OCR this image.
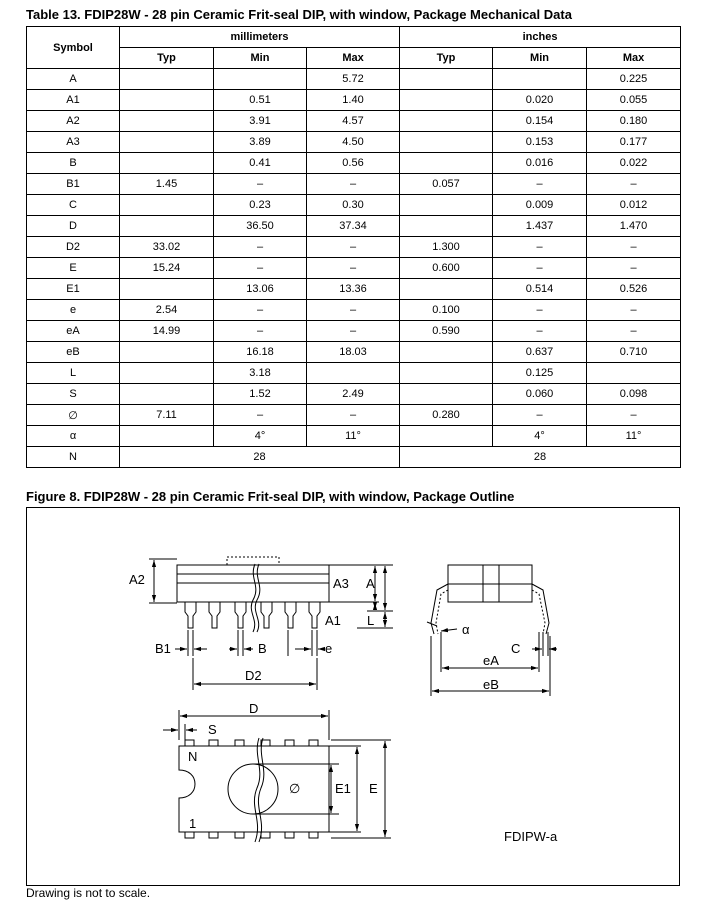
Table 13. FDIP28W - 28 pin Ceramic Frit-seal DIP, with window, Package Mechanical Data
Symbol	millimeters			inches		
	Typ	Min	Max	Typ	Min	Max
A			5.72			0.225
A1		0.51	1.40		0.020	0.055
A2		3.91	4.57		0.154	0.180
A3		3.89	4.50		0.153	0.177
B		0.41	0.56		0.016	0.022
B1	1.45	–	–	0.057	–	–
C		0.23	0.30		0.009	0.012
D		36.50	37.34		1.437	1.470
D2	33.02	–	–	1.300	–	–
E	15.24	–	–	0.600	–	–
E1		13.06	13.36		0.514	0.526
e	2.54	–	–	0.100	–	–
eA	14.99	–	–	0.590	–	–
eB		16.18	18.03		0.637	0.710
L		3.18			0.125	
S		1.52	2.49		0.060	0.098
∅	7.11	–	–	0.280	–	–
α		4°	11°		4°	11°
N	28			28		
Figure 8. FDIP28W - 28 pin Ceramic Frit-seal DIP, with window, Package Outline
A2	A3 A
A1 L
B1	B	e
D2
α
C
eA
eB
D
S
N
1
∅	E1 E
FDIPW-a
Drawing is not to scale.
